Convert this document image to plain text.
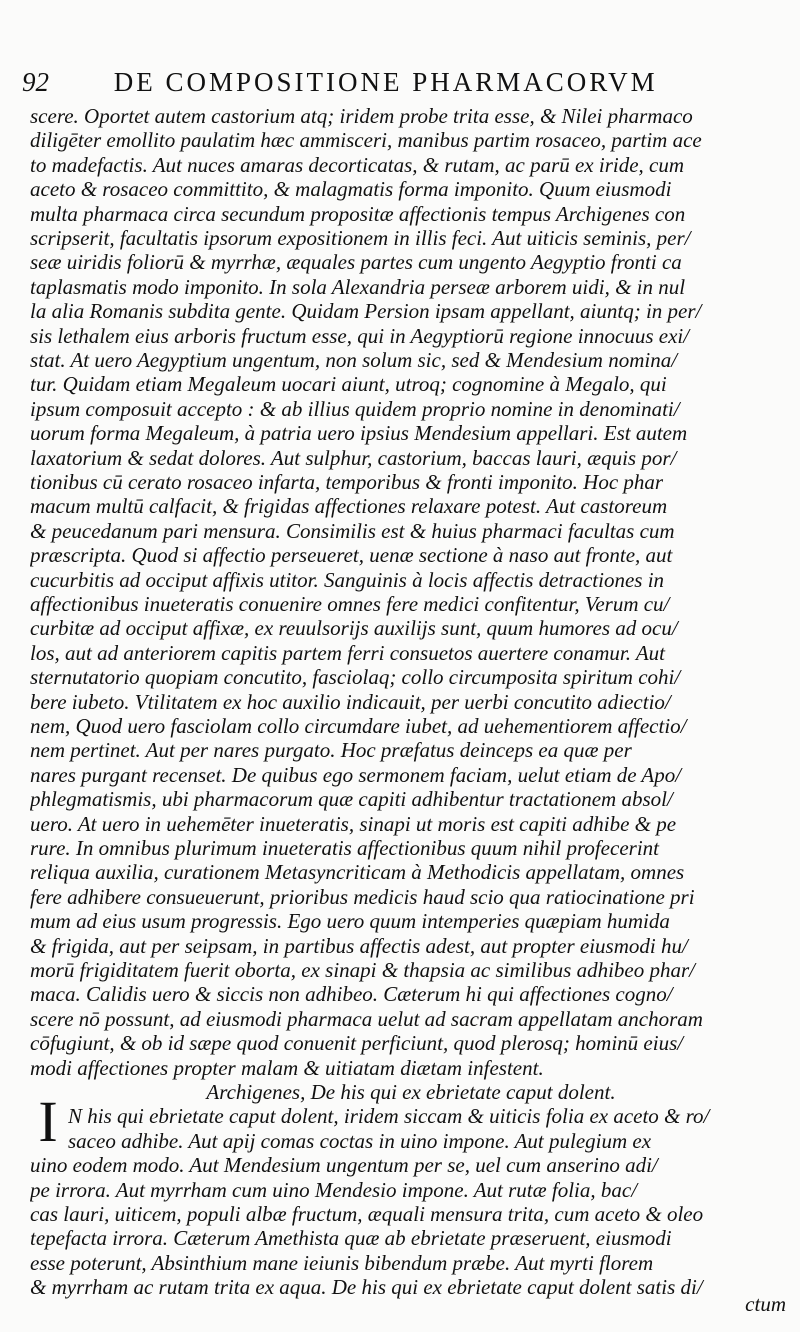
92 DE COMPOSITIONE PHARMACORVM
scere. Oportet autem castorium atq; iridem probe trita esse, & Nilei pharmaco
diligēter emollito paulatim hæc ammisceri, manibus partim rosaceo, partim ace
to madefactis. Aut nuces amaras decorticatas, & rutam, ac parū ex iride, cum
aceto & rosaceo committito, & malagmatis forma imponito. Quum eiusmodi
multa pharmaca circa secundum propositæ affectionis tempus Archigenes con
scripserit, facultatis ipsorum expositionem in illis feci. Aut uiticis seminis, per/
seæ uiridis foliorū & myrrhæ, æquales partes cum ungento Aegyptio fronti ca
taplasmatis modo imponito. In sola Alexandria perseæ arborem uidi, & in nul
la alia Romanis subdita gente. Quidam Persion ipsam appellant, aiuntq; in per/
sis lethalem eius arboris fructum esse, qui in Aegyptiorū regione innocuus exi/
stat. At uero Aegyptium ungentum, non solum sic, sed & Mendesium nomina/
tur. Quidam etiam Megaleum uocari aiunt, utroq; cognomine à Megalo, qui
ipsum composuit accepto : & ab illius quidem proprio nomine in denominati/
uorum forma Megaleum, à patria uero ipsius Mendesium appellari. Est autem
laxatorium & sedat dolores. Aut sulphur, castorium, baccas lauri, æquis por/
tionibus cū cerato rosaceo infarta, temporibus & fronti imponito. Hoc phar
macum multū calfacit, & frigidas affectiones relaxare potest. Aut castoreum
& peucedanum pari mensura. Consimilis est & huius pharmaci facultas cum
præscripta. Quod si affectio perseueret, uenæ sectione à naso aut fronte, aut
cucurbitis ad occiput affixis utitor. Sanguinis à locis affectis detractiones in
affectionibus inueteratis conuenire omnes fere medici confitentur, Verum cu/
curbitæ ad occiput affixæ, ex reuulsorijs auxilijs sunt, quum humores ad ocu/
los, aut ad anteriorem capitis partem ferri consuetos auertere conamur. Aut
sternutatorio quopiam concutito, fasciolaq; collo circumposita spiritum cohi/
bere iubeto. Vtilitatem ex hoc auxilio indicauit, per uerbi concutito adiectio/
nem, Quod uero fasciolam collo circumdare iubet, ad uehementiorem affectio/
nem pertinet. Aut per nares purgato. Hoc præfatus deinceps ea quæ per
nares purgant recenset. De quibus ego sermonem faciam, uelut etiam de Apo/
phlegmatismis, ubi pharmacorum quæ capiti adhibentur tractationem absol/
uero. At uero in uehemēter inueteratis, sinapi ut moris est capiti adhibe & pe
rure. In omnibus plurimum inueteratis affectionibus quum nihil profecerint
reliqua auxilia, curationem Metasyncriticam à Methodicis appellatam, omnes
fere adhibere consueuerunt, prioribus medicis haud scio qua ratiocinatione pri
mum ad eius usum progressis. Ego uero quum intemperies quæpiam humida
& frigida, aut per seipsam, in partibus affectis adest, aut propter eiusmodi hu/
morū frigiditatem fuerit oborta, ex sinapi & thapsia ac similibus adhibeo phar/
maca. Calidis uero & siccis non adhibeo. Cæterum hi qui affectiones cogno/
scere nō possunt, ad eiusmodi pharmaca uelut ad sacram appellatam anchoram
cōfugiunt, & ob id sæpe quod conuenit perficiunt, quod plerosq; hominū eius/
modi affectiones propter malam & uitiatam diætam infestent.
Archigenes, De his qui ex ebrietate caput dolent.
N his qui ebrietate caput dolent, iridem siccam & uiticis folia ex aceto & ro/
saceo adhibe. Aut apij comas coctas in uino impone. Aut pulegium ex
uino eodem modo. Aut Mendesium ungentum per se, uel cum anserino adi/
pe irrora. Aut myrrham cum uino Mendesio impone. Aut rutæ folia, bac/
cas lauri, uiticem, populi albæ fructum, æquali mensura trita, cum aceto & oleo
tepefacta irrora. Cæterum Amethista quæ ab ebrietate præseruent, eiusmodi
esse poterunt, Absinthium mane ieiunis bibendum præbe. Aut myrti florem
& myrrham ac rutam trita ex aqua. De his qui ex ebrietate caput dolent satis di/
I
ctum
